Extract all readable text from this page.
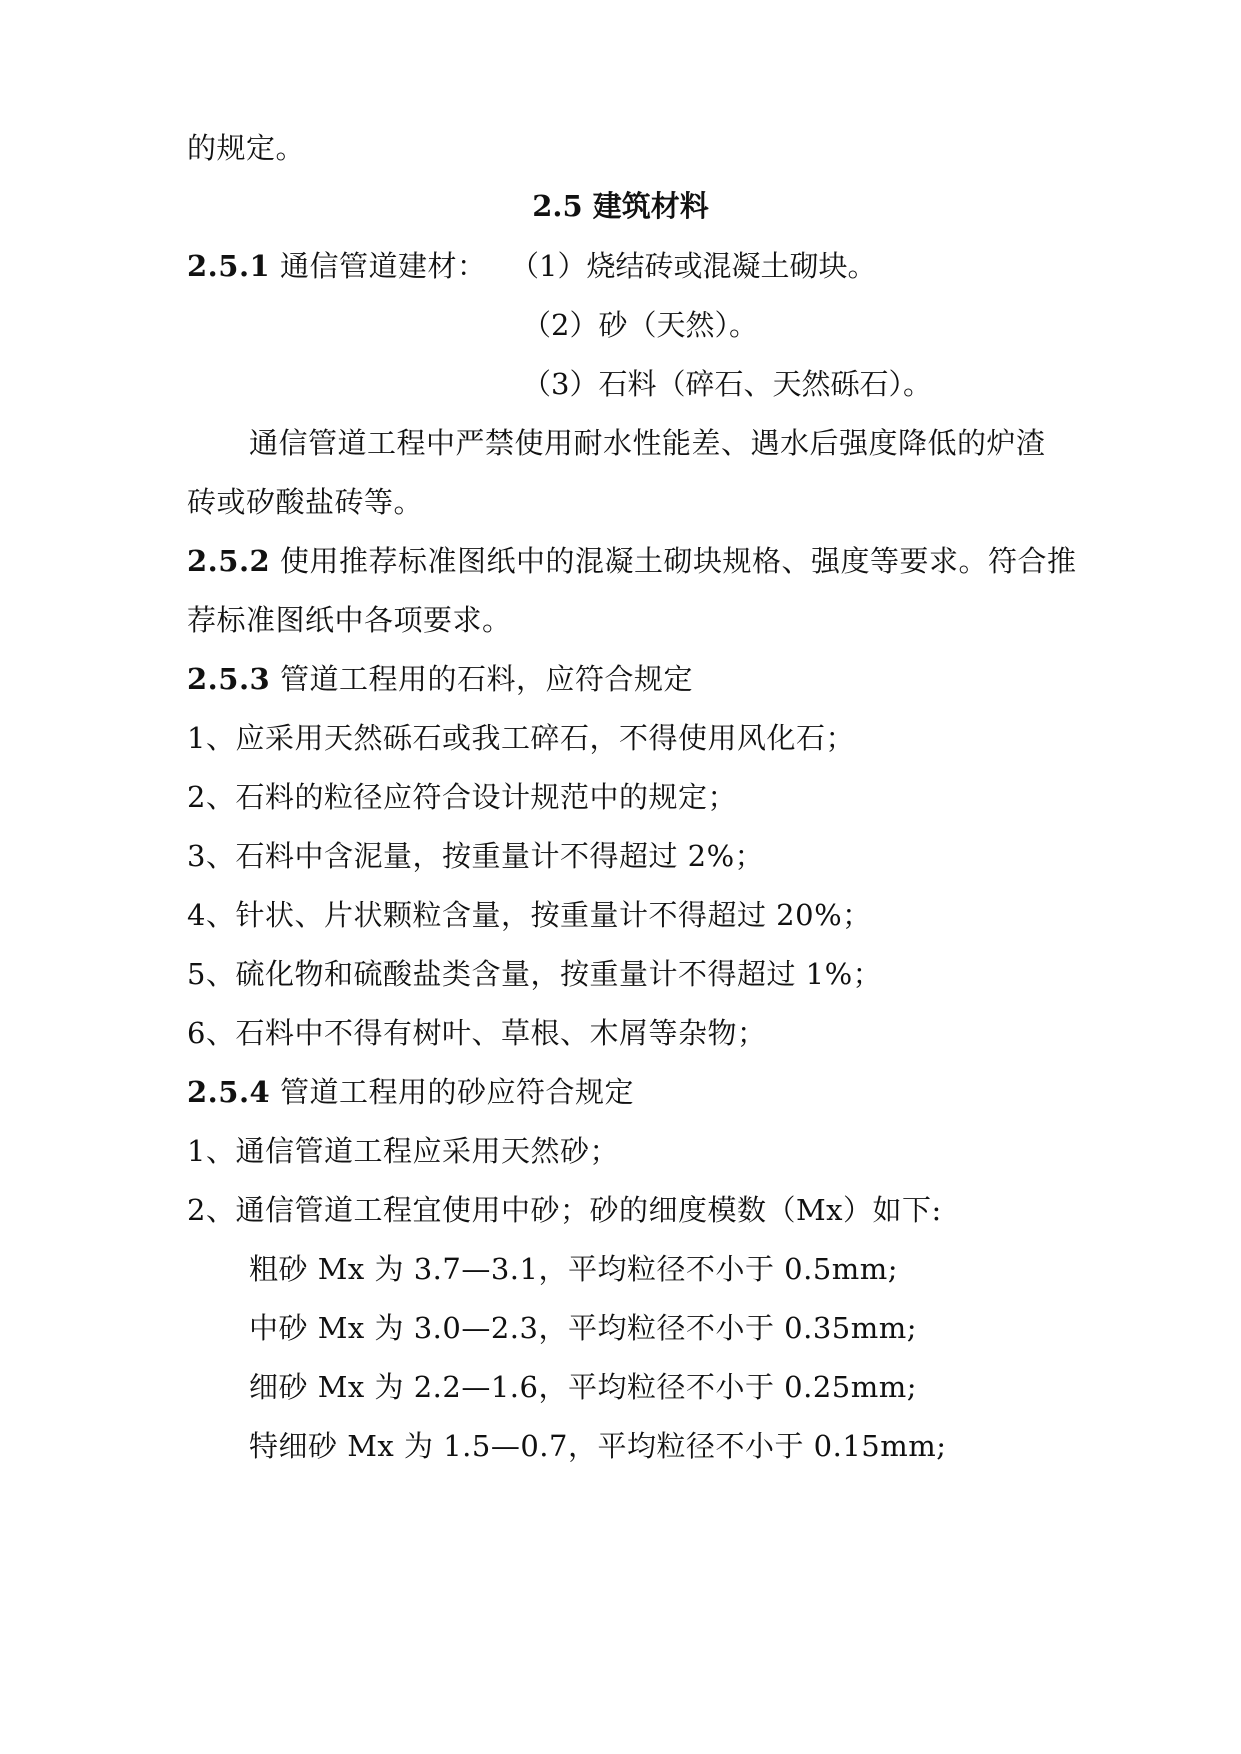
的规定。
2.5 建筑材料
2.5.1 通信管道建材： （1）烧结砖或混凝土砌块。
（2）砂（天然）。
（3）石料（碎石、天然砾石）。
通信管道工程中严禁使用耐水性能差、遇水后强度降低的炉渣
砖或矽酸盐砖等。
2.5.2 使用推荐标准图纸中的混凝土砌块规格、强度等要求。符合推
荐标准图纸中各项要求。
2.5.3 管道工程用的石料，应符合规定
1、应采用天然砾石或我工碎石，不得使用风化石；
2、石料的粒径应符合设计规范中的规定；
3、石料中含泥量，按重量计不得超过 2%；
4、针状、片状颗粒含量，按重量计不得超过 20%；
5、硫化物和硫酸盐类含量，按重量计不得超过 1%；
6、石料中不得有树叶、草根、木屑等杂物；
2.5.4 管道工程用的砂应符合规定
1、通信管道工程应采用天然砂；
2、通信管道工程宜使用中砂；砂的细度模数（Mx）如下:
粗砂 Mx 为 3.7—3.1，平均粒径不小于 0.5mm;
中砂 Mx 为 3.0—2.3，平均粒径不小于 0.35mm;
细砂 Mx 为 2.2—1.6，平均粒径不小于 0.25mm;
特细砂 Mx 为 1.5—0.7，平均粒径不小于 0.15mm;
